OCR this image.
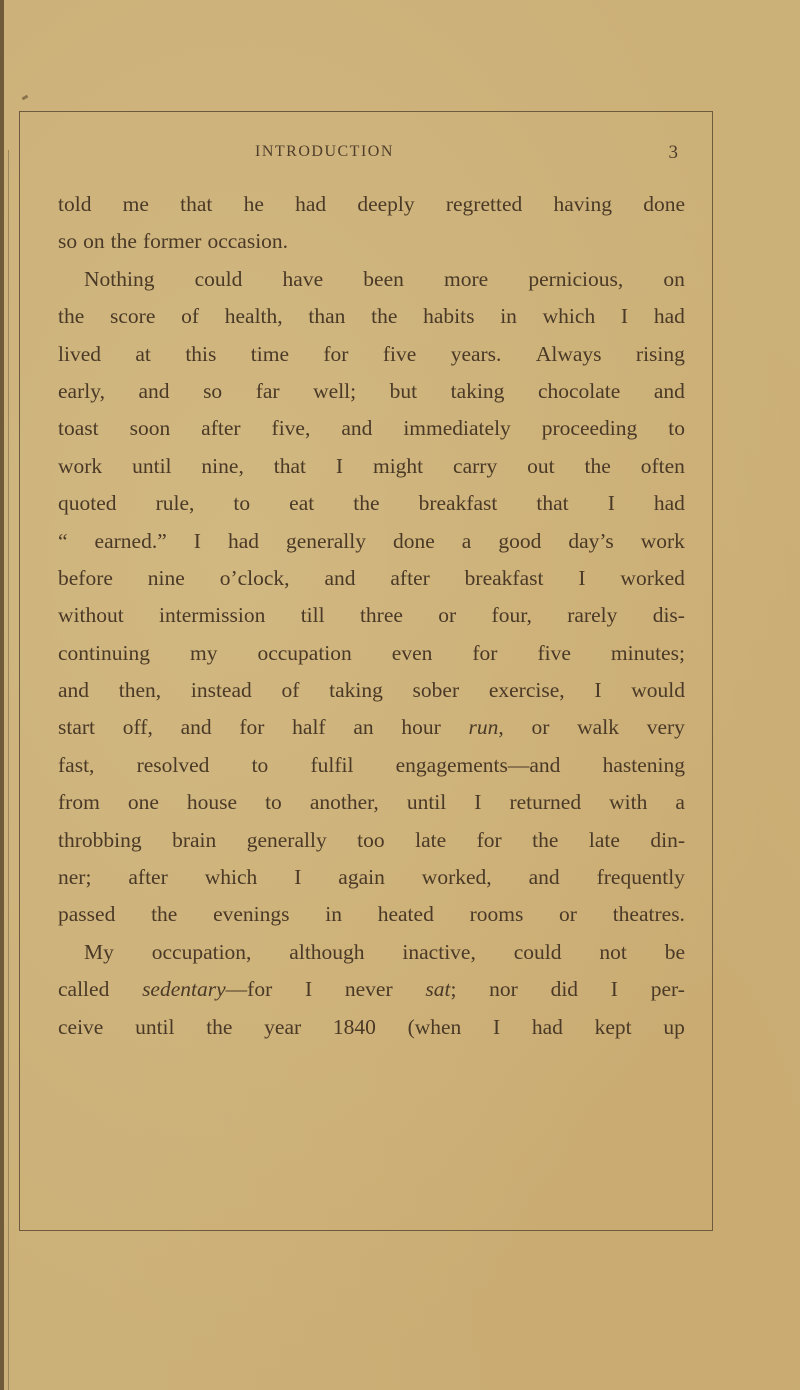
INTRODUCTION	3
told me that he had deeply regretted having done
so on the former occasion.
Nothing could have been more pernicious, on
the score of health, than the habits in which I had
lived at this time for five years. Always rising
early, and so far well; but taking chocolate and
toast soon after five, and immediately proceeding to
work until nine, that I might carry out the often
quoted rule, to eat the breakfast that I had
“ earned.” I had generally done a good day’s work
before nine o’clock, and after breakfast I worked
without intermission till three or four, rarely dis-
continuing my occupation even for five minutes;
and then, instead of taking sober exercise, I would
start off, and for half an hour run, or walk very
fast, resolved to fulfil engagements—and hastening
from one house to another, until I returned with a
throbbing brain generally too late for the late din-
ner; after which I again worked, and frequently
passed the evenings in heated rooms or theatres.
My occupation, although inactive, could not be
called sedentary—for I never sat; nor did I per-
ceive until the year 1840 (when I had kept up
